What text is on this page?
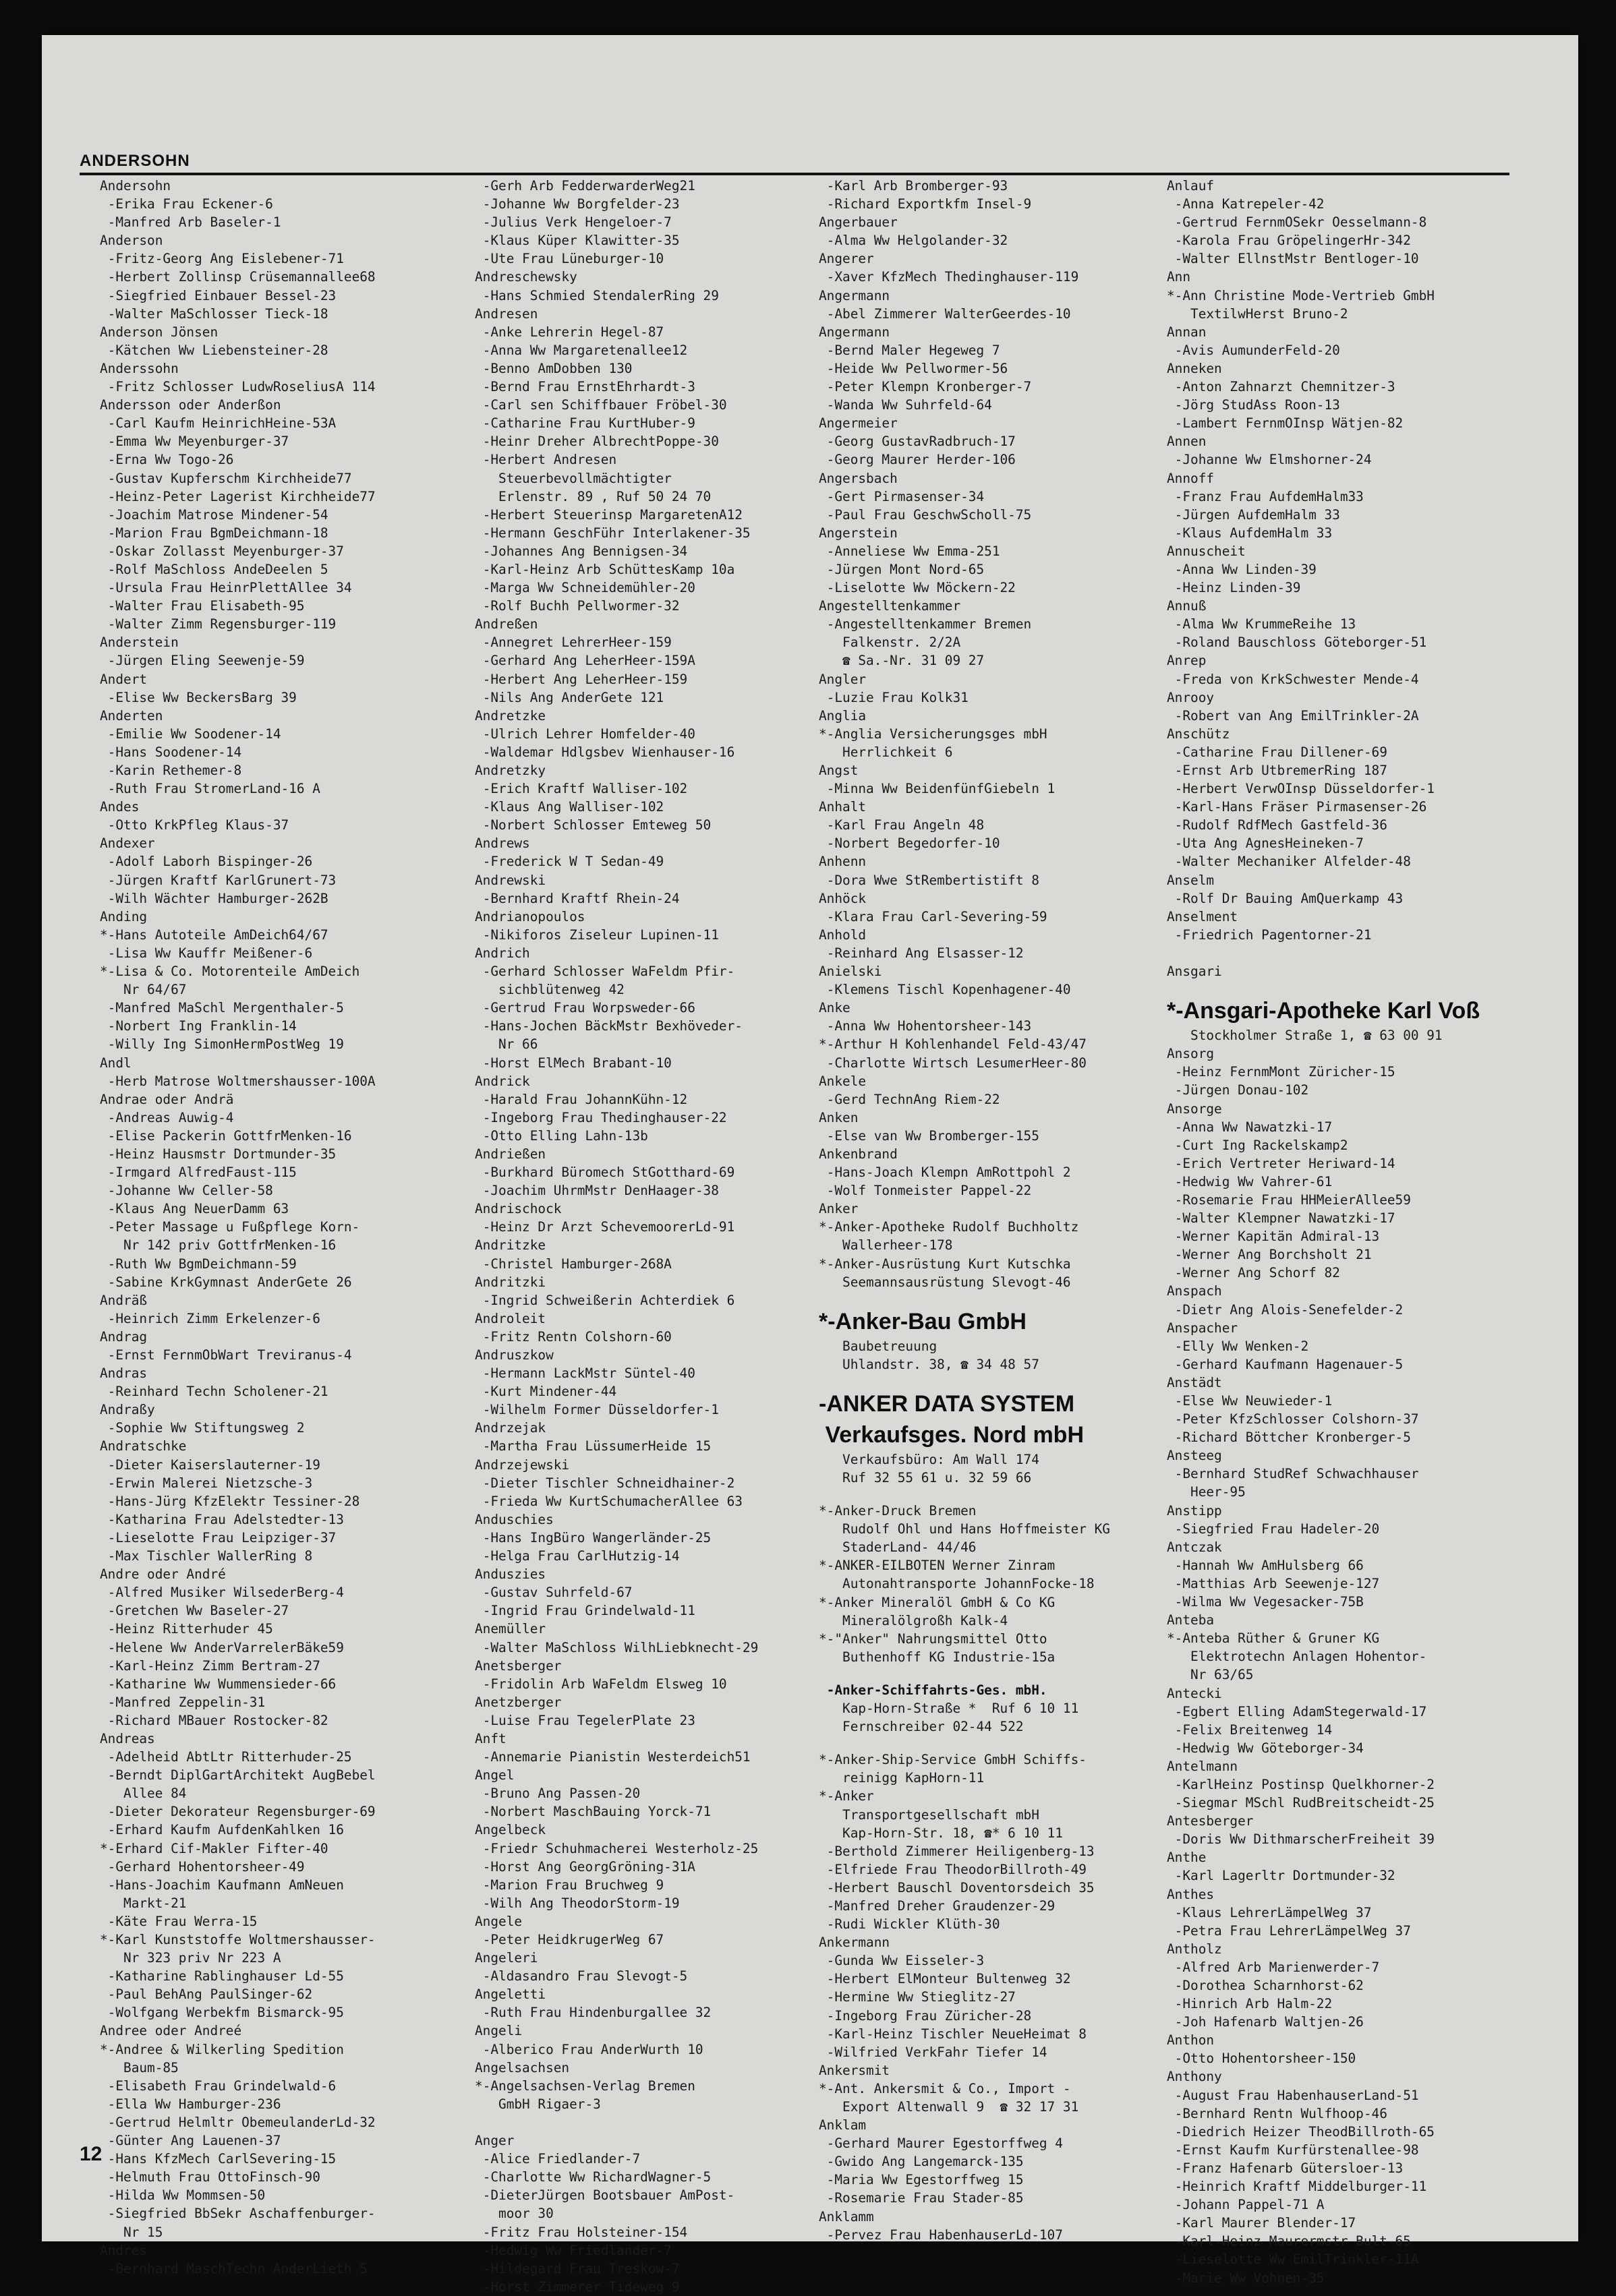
ANDERSOHN
Andersohn
-Erika Frau Eckener-6
-Manfred Arb Baseler-1
Anderson
-Fritz-Georg Ang Eislebener-71
-Herbert Zollinsp Crüsemannallee68
-Siegfried Einbauer Bessel-23
-Walter MaSchlosser Tieck-18
Anderson Jönsen
-Kätchen Ww Liebensteiner-28
Anderssohn
-Fritz Schlosser LudwRoseliusA 114
Andersson oder Anderßon
-Carl Kaufm HeinrichHeine-53A
-Emma Ww Meyenburger-37
-Erna Ww Togo-26
-Gustav Kupferschm Kirchheide77
-Heinz-Peter Lagerist Kirchheide77
-Joachim Matrose Mindener-54
-Marion Frau BgmDeichmann-18
-Oskar Zollasst Meyenburger-37
-Rolf MaSchloss AndeDeelen 5
-Ursula Frau HeinrPlettAllee 34
-Walter Frau Elisabeth-95
-Walter Zimm Regensburger-119
Anderstein
-Jürgen Eling Seewenje-59
Andert
-Elise Ww BeckersBarg 39
Anderten
-Emilie Ww Soodener-14
-Hans Soodener-14
-Karin Rethemer-8
-Ruth Frau StromerLand-16 A
Andes
-Otto KrkPfleg Klaus-37
Andexer
-Adolf Laborh Bispinger-26
-Jürgen Kraftf KarlGrunert-73
-Wilh Wächter Hamburger-262B
Anding
*-Hans Autoteile AmDeich64/67
-Lisa Ww Kauffr Meißener-6
*-Lisa & Co. Motorenteile AmDeich
Nr 64/67
-Manfred MaSchl Mergenthaler-5
-Norbert Ing Franklin-14
-Willy Ing SimonHermPostWeg 19
Andl
-Herb Matrose Woltmershausser-100A
Andrae oder Andrä
-Andreas Auwig-4
-Elise Packerin GottfrMenken-16
-Heinz Hausmstr Dortmunder-35
-Irmgard AlfredFaust-115
-Johanne Ww Celler-58
-Klaus Ang NeuerDamm 63
-Peter Massage u Fußpflege Korn-
Nr 142 priv GottfrMenken-16
-Ruth Ww BgmDeichmann-59
-Sabine KrkGymnast AnderGete 26
Andräß
-Heinrich Zimm Erkelenzer-6
Andrag
-Ernst FernmObWart Treviranus-4
Andras
-Reinhard Techn Scholener-21
Andraßy
-Sophie Ww Stiftungsweg 2
Andratschke
-Dieter Kaiserslauterner-19
-Erwin Malerei Nietzsche-3
-Hans-Jürg KfzElektr Tessiner-28
-Katharina Frau Adelstedter-13
-Lieselotte Frau Leipziger-37
-Max Tischler WallerRing 8
Andre oder André
-Alfred Musiker WilsederBerg-4
-Gretchen Ww Baseler-27
-Heinz Ritterhuder 45
-Helene Ww AnderVarrelerBäke59
-Karl-Heinz Zimm Bertram-27
-Katharine Ww Wummensieder-66
-Manfred Zeppelin-31
-Richard MBauer Rostocker-82
Andreas
-Adelheid AbtLtr Ritterhuder-25
-Berndt DiplGartArchitekt AugBebel
Allee 84
-Dieter Dekorateur Regensburger-69
-Erhard Kaufm AufdenKahlken 16
*-Erhard Cif-Makler Fifter-40
-Gerhard Hohentorsheer-49
-Hans-Joachim Kaufmann AmNeuen
Markt-21
-Käte Frau Werra-15
*-Karl Kunststoffe Woltmershausser-
Nr 323 priv Nr 223 A
-Katharine Rablinghauser Ld-55
-Paul BehAng PaulSinger-62
-Wolfgang Werbekfm Bismarck-95
Andree oder Andreé
*-Andree & Wilkerling Spedition
Baum-85
-Elisabeth Frau Grindelwald-6
-Ella Ww Hamburger-236
-Gertrud Helmltr ObemeulanderLd-32
-Günter Ang Lauenen-37
-Hans KfzMech CarlSevering-15
-Helmuth Frau OttoFinsch-90
-Hilda Ww Mommsen-50
-Siegfried BbSekr Aschaffenburger-
Nr 15
Andres
-Bernhard MaschTechn AnderLieth 5
-Gerh Arb FedderwarderWeg21
-Johanne Ww Borgfelder-23
-Julius Verk Hengeloer-7
-Klaus Küper Klawitter-35
-Ute Frau Lüneburger-10
Andreschewsky
-Hans Schmied StendalerRing 29
Andresen
-Anke Lehrerin Hegel-87
-Anna Ww Margaretenallee12
-Benno AmDobben 130
-Bernd Frau ErnstEhrhardt-3
-Carl sen Schiffbauer Fröbel-30
-Catharine Frau KurtHuber-9
-Heinr Dreher AlbrechtPoppe-30
-Herbert Andresen
Steuerbevollmächtigter
Erlenstr. 89 , Ruf 50 24 70
-Herbert Steuerinsp MargaretenA12
-Hermann GeschFühr Interlakener-35
-Johannes Ang Bennigsen-34
-Karl-Heinz Arb SchüttesKamp 10a
-Marga Ww Schneidemühler-20
-Rolf Buchh Pellwormer-32
Andreßen
-Annegret LehrerHeer-159
-Gerhard Ang LeherHeer-159A
-Herbert Ang LeherHeer-159
-Nils Ang AnderGete 121
Andretzke
-Ulrich Lehrer Homfelder-40
-Waldemar Hdlgsbev Wienhauser-16
Andretzky
-Erich Kraftf Walliser-102
-Klaus Ang Walliser-102
-Norbert Schlosser Emteweg 50
Andrews
-Frederick W T Sedan-49
Andrewski
-Bernhard Kraftf Rhein-24
Andrianopoulos
-Nikiforos Ziseleur Lupinen-11
Andrich
-Gerhard Schlosser WaFeldm Pfir-
sichblütenweg 42
-Gertrud Frau Worpsweder-66
-Hans-Jochen BäckMstr Bexhöveder-
Nr 66
-Horst ElMech Brabant-10
Andrick
-Harald Frau JohannKühn-12
-Ingeborg Frau Thedinghauser-22
-Otto Elling Lahn-13b
Andrießen
-Burkhard Büromech StGotthard-69
-Joachim UhrmMstr DenHaager-38
Andrischock
-Heinz Dr Arzt SchevemoorerLd-91
Andritzke
-Christel Hamburger-268A
Andritzki
-Ingrid Schweißerin Achterdiek 6
Androleit
-Fritz Rentn Colshorn-60
Andruszkow
-Hermann LackMstr Süntel-40
-Kurt Mindener-44
-Wilhelm Former Düsseldorfer-1
Andrzejak
-Martha Frau LüssumerHeide 15
Andrzejewski
-Dieter Tischler Schneidhainer-2
-Frieda Ww KurtSchumacherAllee 63
Anduschies
-Hans IngBüro Wangerländer-25
-Helga Frau CarlHutzig-14
Anduszies
-Gustav Suhrfeld-67
-Ingrid Frau Grindelwald-11
Anemüller
-Walter MaSchloss WilhLiebknecht-29
Anetsberger
-Fridolin Arb WaFeldm Elsweg 10
Anetzberger
-Luise Frau TegelerPlate 23
Anft
-Annemarie Pianistin Westerdeich51
Angel
-Bruno Ang Passen-20
-Norbert MaschBauing Yorck-71
Angelbeck
-Friedr Schuhmacherei Westerholz-25
-Horst Ang GeorgGröning-31A
-Marion Frau Bruchweg 9
-Wilh Ang TheodorStorm-19
Angele
-Peter HeidkrugerWeg 67
Angeleri
-Aldasandro Frau Slevogt-5
Angeletti
-Ruth Frau Hindenburgallee 32
Angeli
-Alberico Frau AnderWurth 10
Angelsachsen
*-Angelsachsen-Verlag Bremen
GmbH Rigaer-3

Anger
-Alice Friedlander-7
-Charlotte Ww RichardWagner-5
-DieterJürgen Bootsbauer AmPost-
moor 30
-Fritz Frau Holsteiner-154
-Hedwig Ww Friedlander-7
-Hildegard Frau Treskow-7
-Horst Zimmerer Tideweg 9
-Karl Arb Bromberger-93
-Richard Exportkfm Insel-9
Angerbauer
-Alma Ww Helgolander-32
Angerer
-Xaver KfzMech Thedinghauser-119
Angermann
-Abel Zimmerer WalterGeerdes-10
Angermann
-Bernd Maler Hegeweg 7
-Heide Ww Pellwormer-56
-Peter Klempn Kronberger-7
-Wanda Ww Suhrfeld-64
Angermeier
-Georg GustavRadbruch-17
-Georg Maurer Herder-106
Angersbach
-Gert Pirmasenser-34
-Paul Frau GeschwScholl-75
Angerstein
-Anneliese Ww Emma-251
-Jürgen Mont Nord-65
-Liselotte Ww Möckern-22
Angestelltenkammer
-Angestelltenkammer Bremen
Falkenstr. 2/2A
☎ Sa.-Nr. 31 09 27
Angler
-Luzie Frau Kolk31
Anglia
*-Anglia Versicherungsges mbH
Herrlichkeit 6
Angst
-Minna Ww BeidenfünfGiebeln 1
Anhalt
-Karl Frau Angeln 48
-Norbert Begedorfer-10
Anhenn
-Dora Wwe StRembertistift 8
Anhöck
-Klara Frau Carl-Severing-59
Anhold
-Reinhard Ang Elsasser-12
Anielski
-Klemens Tischl Kopenhagener-40
Anke
-Anna Ww Hohentorsheer-143
*-Arthur H Kohlenhandel Feld-43/47
-Charlotte Wirtsch LesumerHeer-80
Ankele
-Gerd TechnAng Riem-22
Anken
-Else van Ww Bromberger-155
Ankenbrand
-Hans-Joach Klempn AmRottpohl 2
-Wolf Tonmeister Pappel-22
Anker
*-Anker-Apotheke Rudolf Buchholtz
Wallerheer-178
*-Anker-Ausrüstung Kurt Kutschka
Seemannsausrüstung Slevogt-46
*-Anker-Bau GmbH
Baubetreuung
Uhlandstr. 38, ☎ 34 48 57
-ANKER DATA SYSTEM
Verkaufsges. Nord mbH
Verkaufsbüro: Am Wall 174
Ruf 32 55 61 u. 32 59 66
*-Anker-Druck Bremen
Rudolf Ohl und Hans Hoffmeister KG
StaderLand- 44/46
*-ANKER-EILBOTEN Werner Zinram
Autonahtransporte JohannFocke-18
*-Anker Mineralöl GmbH & Co KG
Mineralölgroßh Kalk-4
*-"Anker" Nahrungsmittel Otto
Buthenhoff KG Industrie-15a
-Anker-Schiffahrts-Ges. mbH.
Kap-Horn-Straße *  Ruf 6 10 11
Fernschreiber 02-44 522
*-Anker-Ship-Service GmbH Schiffs-
reinigg KapHorn-11
*-Anker
Transportgesellschaft mbH
Kap-Horn-Str. 18, ☎* 6 10 11
-Berthold Zimmerer Heiligenberg-13
-Elfriede Frau TheodorBillroth-49
-Herbert Bauschl Doventorsdeich 35
-Manfred Dreher Graudenzer-29
-Rudi Wickler Klüth-30
Ankermann
-Gunda Ww Eisseler-3
-Herbert ElMonteur Bultenweg 32
-Hermine Ww Stieglitz-27
-Ingeborg Frau Züricher-28
-Karl-Heinz Tischler NeueHeimat 8
-Wilfried VerkFahr Tiefer 14
Ankersmit
*-Ant. Ankersmit & Co., Import -
Export Altenwall 9  ☎ 32 17 31
Anklam
-Gerhard Maurer Egestorffweg 4
-Gwido Ang Langemarck-135
-Maria Ww Egestorffweg 15
-Rosemarie Frau Stader-85
Anklamm
-Pervez Frau HabenhauserLd-107
Anlauf
-Anna Katrepeler-42
-Gertrud FernmOSekr Oesselmann-8
-Karola Frau GröpelingerHr-342
-Walter EllnstMstr Bentloger-10
Ann
*-Ann Christine Mode-Vertrieb GmbH
TextilwHerst Bruno-2
Annan
-Avis AumunderFeld-20
Anneken
-Anton Zahnarzt Chemnitzer-3
-Jörg StudAss Roon-13
-Lambert FernmOInsp Wätjen-82
Annen
-Johanne Ww Elmshorner-24
Annoff
-Franz Frau AufdemHalm33
-Jürgen AufdemHalm 33
-Klaus AufdemHalm 33
Annuscheit
-Anna Ww Linden-39
-Heinz Linden-39
Annuß
-Alma Ww KrummeReihe 13
-Roland Bauschloss Göteborger-51
Anrep
-Freda von KrkSchwester Mende-4
Anrooy
-Robert van Ang EmilTrinkler-2A
Anschütz
-Catharine Frau Dillener-69
-Ernst Arb UtbremerRing 187
-Herbert VerwOInsp Düsseldorfer-1
-Karl-Hans Fräser Pirmasenser-26
-Rudolf RdfMech Gastfeld-36
-Uta Ang AgnesHeineken-7
-Walter Mechaniker Alfelder-48
Anselm
-Rolf Dr Bauing AmQuerkamp 43
Anselment
-Friedrich Pagentorner-21

Ansgari
*-Ansgari-Apotheke Karl Voß
Stockholmer Straße 1, ☎ 63 00 91
Ansorg
-Heinz FernmMont Züricher-15
-Jürgen Donau-102
Ansorge
-Anna Ww Nawatzki-17
-Curt Ing Rackelskamp2
-Erich Vertreter Heriward-14
-Hedwig Ww Vahrer-61
-Rosemarie Frau HHMeierAllee59
-Walter Klempner Nawatzki-17
-Werner Kapitän Admiral-13
-Werner Ang Borchsholt 21
-Werner Ang Schorf 82
Anspach
-Dietr Ang Alois-Senefelder-2
Anspacher
-Elly Ww Wenken-2
-Gerhard Kaufmann Hagenauer-5
Anstädt
-Else Ww Neuwieder-1
-Peter KfzSchlosser Colshorn-37
-Richard Böttcher Kronberger-5
Ansteeg
-Bernhard StudRef Schwachhauser
Heer-95
Anstipp
-Siegfried Frau Hadeler-20
Antczak
-Hannah Ww AmHulsberg 66
-Matthias Arb Seewenje-127
-Wilma Ww Vegesacker-75B
Anteba
*-Anteba Rüther & Gruner KG
Elektrotechn Anlagen Hohentor-
Nr 63/65
Antecki
-Egbert Elling AdamStegerwald-17
-Felix Breitenweg 14
-Hedwig Ww Göteborger-34
Antelmann
-KarlHeinz Postinsp Quelkhorner-2
-Siegmar MSchl RudBreitscheidt-25
Antesberger
-Doris Ww DithmarscherFreiheit 39
Anthe
-Karl Lagerltr Dortmunder-32
Anthes
-Klaus LehrerLämpelWeg 37
-Petra Frau LehrerLämpelWeg 37
Antholz
-Alfred Arb Marienwerder-7
-Dorothea Scharnhorst-62
-Hinrich Arb Halm-22
-Joh Hafenarb Waltjen-26
Anthon
-Otto Hohentorsheer-150
Anthony
-August Frau HabenhauserLand-51
-Bernhard Rentn Wulfhoop-46
-Diedrich Heizer TheodBillroth-65
-Ernst Kaufm Kurfürstenallee-98
-Franz Hafenarb Gütersloer-13
-Heinrich Kraftf Middelburger-11
-Johann Pappel-71 A
-Karl Maurer Blender-17
-Karl-Heinz Maurermstr Bult-65
-Lieselotte Ww EmilTrinkler-11A
-Marie Ww Vohnen-35
12
